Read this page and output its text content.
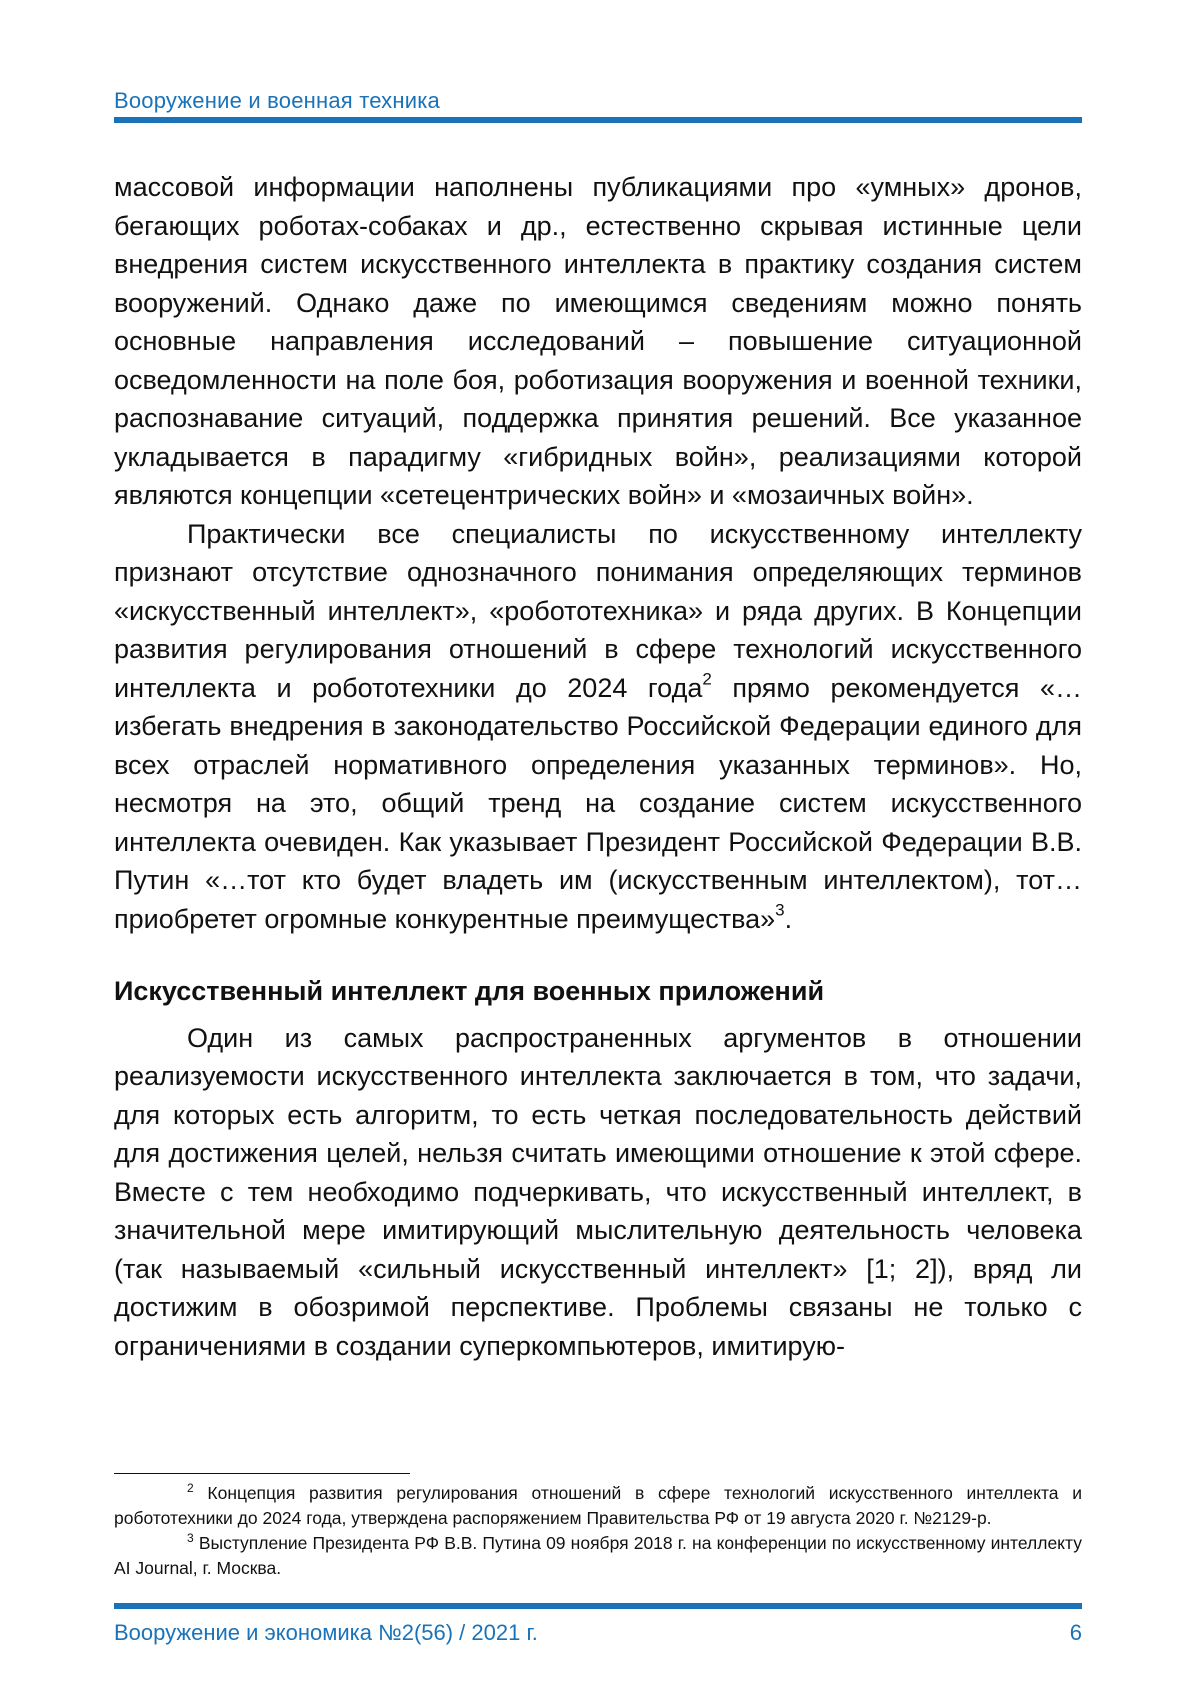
Вооружение и военная техника

массовой информации наполнены публикациями про «умных» дронов, бегающих роботах-собаках и др., естественно скрывая истинные цели внедрения систем искусственного интеллекта в практику создания систем вооружений. Однако даже по имеющимся сведениям можно понять основные направления исследований – повышение ситуационной осведомленности на поле боя, роботизация вооружения и военной техники, распознавание ситуаций, поддержка принятия решений. Все указанное укладывается в парадигму «гибридных войн», реализациями которой являются концепции «сетецентрических войн» и «мозаичных войн».

Практически все специалисты по искусственному интеллекту признают отсутствие однозначного понимания определяющих терминов «искусственный интеллект», «робототехника» и ряда других. В Концепции развития регулирования отношений в сфере технологий искусственного интеллекта и робототехники до 2024 года$^2$ прямо рекомендуется «…избегать внедрения в законодательство Российской Федерации единого для всех отраслей нормативного определения указанных терминов». Но, несмотря на это, общий тренд на создание систем искусственного интеллекта очевиден. Как указывает Президент Российской Федерации В.В. Путин «…тот кто будет владеть им (искусственным интеллектом), тот… приобретет огромные конкурентные преимущества»$^3$.

Искусственный интеллект для военных приложений

Один из самых распространенных аргументов в отношении реализуемости искусственного интеллекта заключается в том, что задачи, для которых есть алгоритм, то есть четкая последовательность действий для достижения целей, нельзя считать имеющими отношение к этой сфере. Вместе с тем необходимо подчеркивать, что искусственный интеллект, в значительной мере имитирующий мыслительную деятельность человека (так называемый «сильный искусственный интеллект» [1; 2]), вряд ли достижим в обозримой перспективе. Проблемы связаны не только с ограничениями в создании суперкомпьютеров, имитирую-

$^2$ Концепция развития регулирования отношений в сфере технологий искусственного интеллекта и робототехники до 2024 года, утверждена распоряжением Правительства РФ от 19 августа 2020 г. №2129-р.

$^3$ Выступление Президента РФ В.В. Путина 09 ноября 2018 г. на конференции по искусственному интеллекту AI Journal, г. Москва.

Вооружение и экономика №2(56) / 2021 г.	6
